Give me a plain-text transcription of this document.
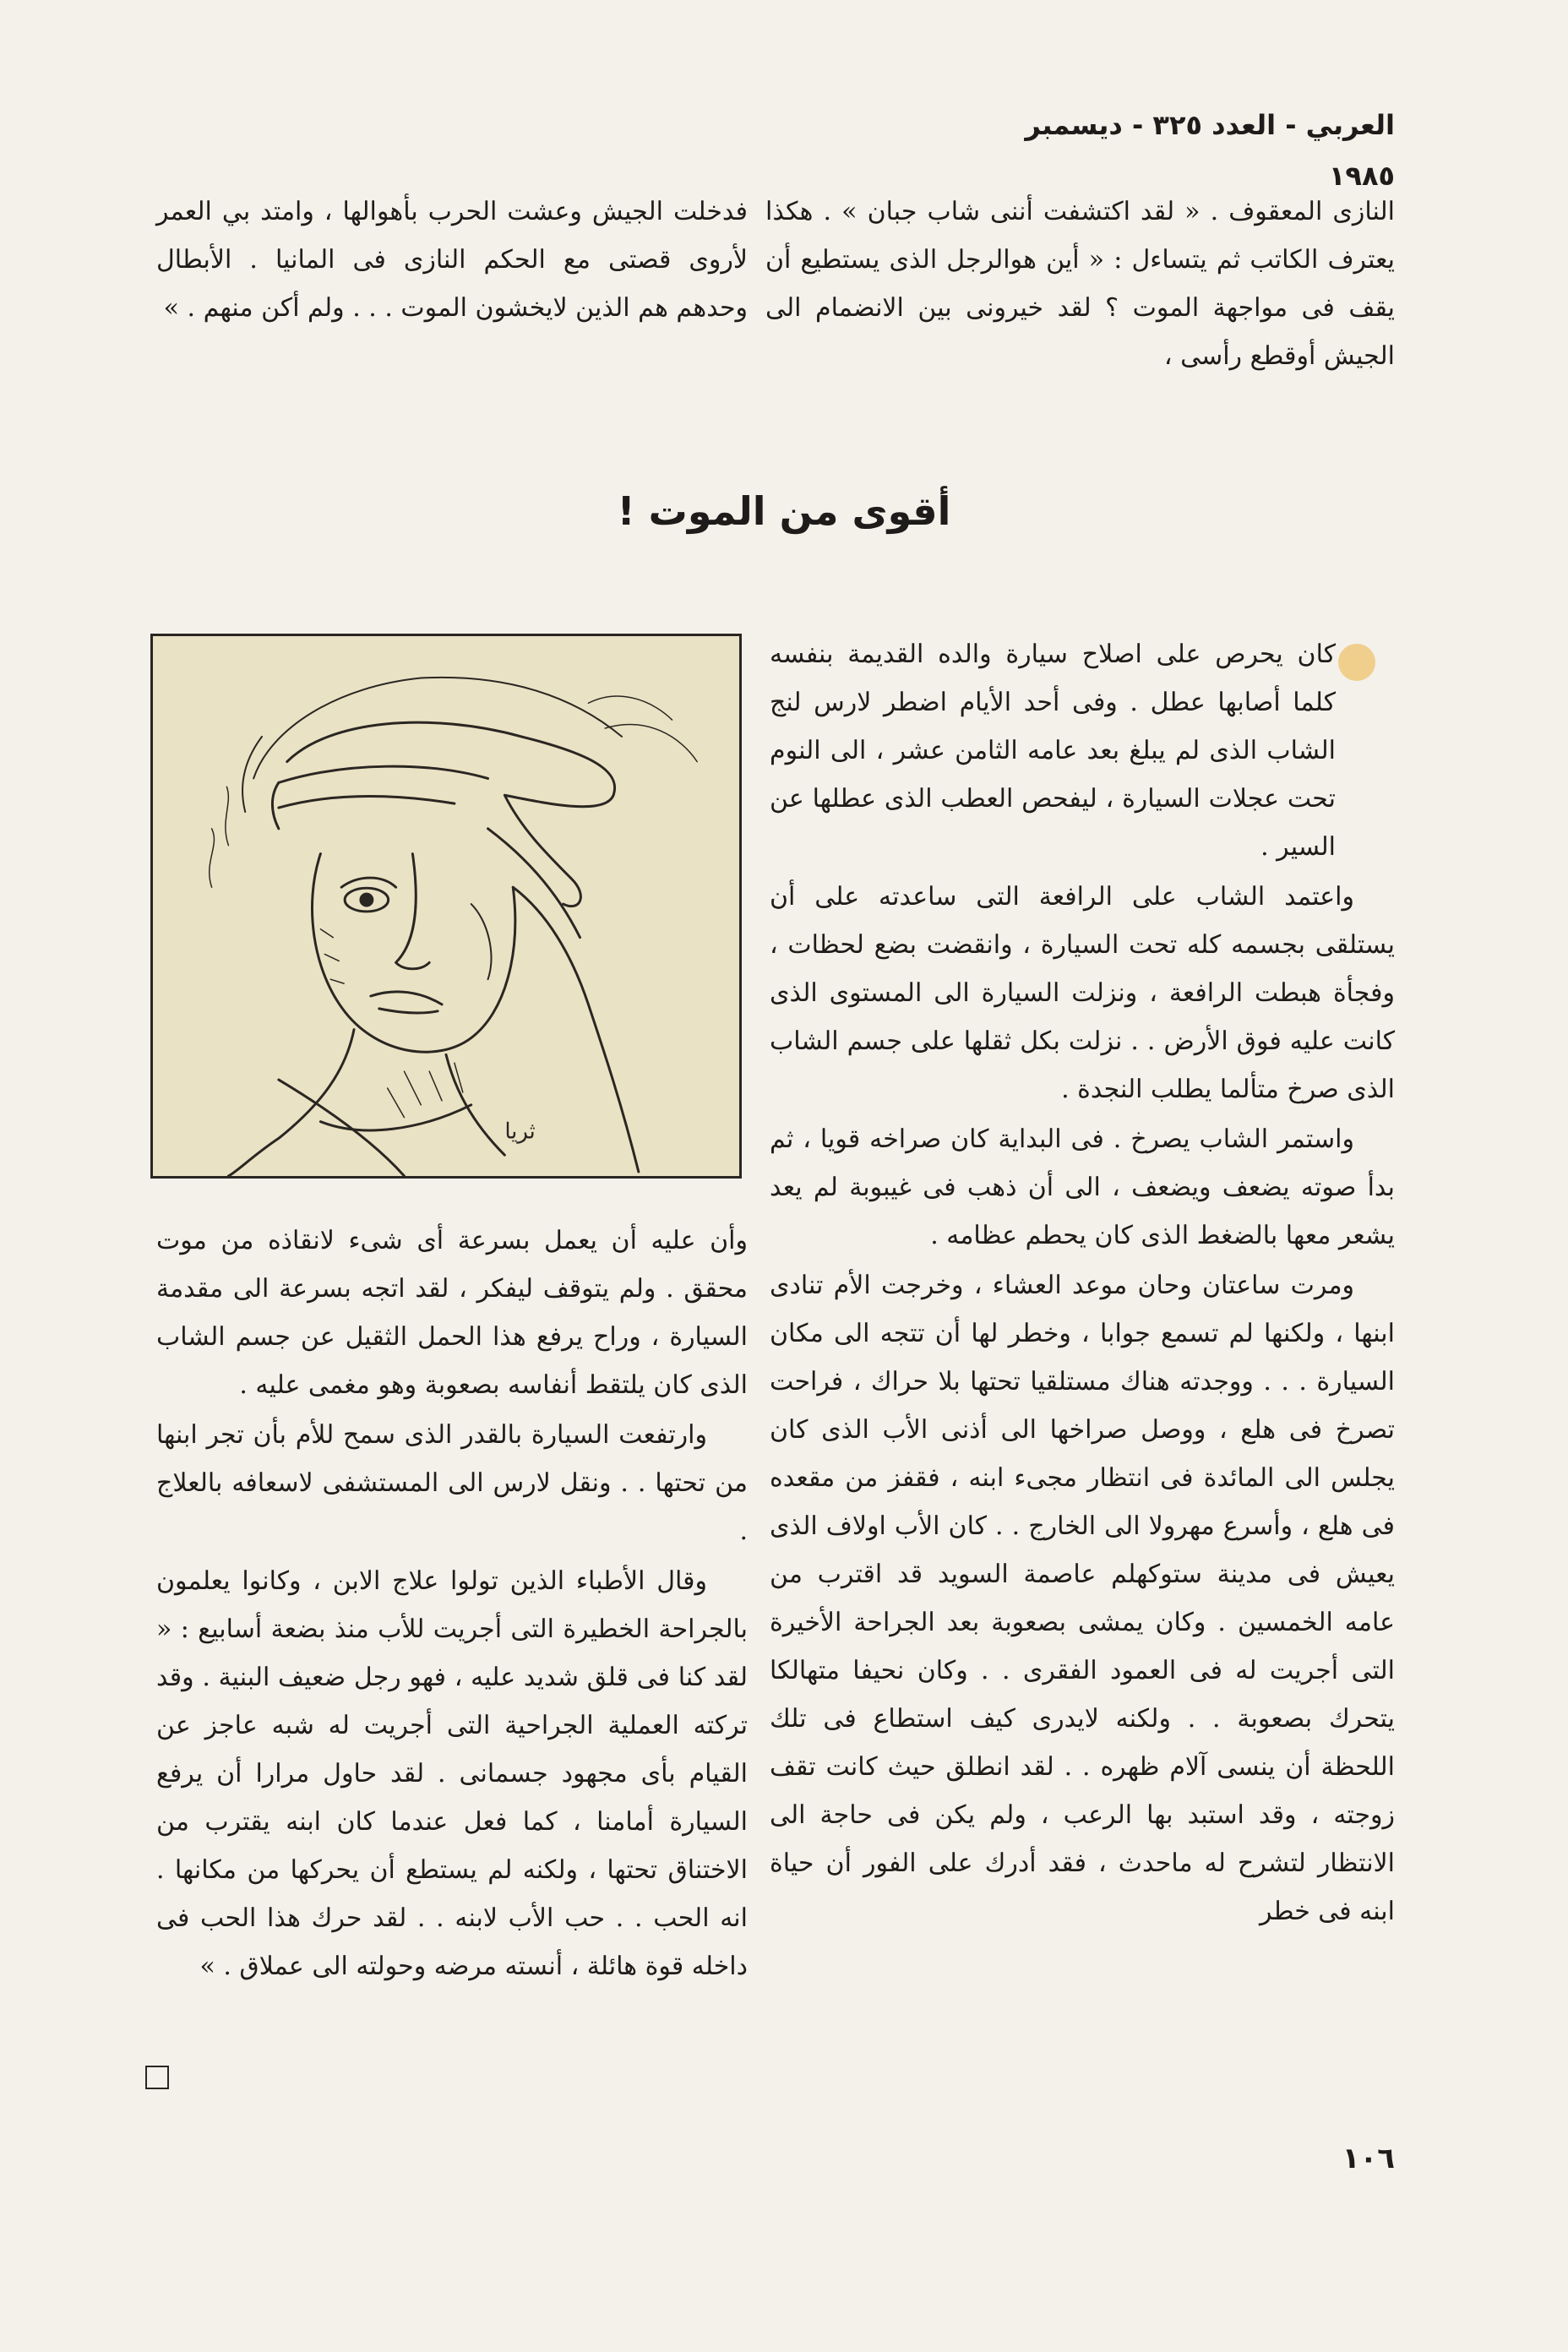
العربي - العدد ٣٢٥ - ديسمبر ١٩٨٥

النازى المعقوف . « لقد اكتشفت أننى شاب جبان » . هكذا يعترف الكاتب ثم يتساءل : « أين هوالرجل الذى يستطيع أن يقف فى مواجهة الموت ؟ لقد خيرونى بين الانضمام الى الجيش أوقطع رأسى ،

فدخلت الجيش وعشت الحرب بأهوالها ، وامتد بي العمر لأروى قصتى مع الحكم النازى فى المانيا . الأبطال وحدهم هم الذين لايخشون الموت . . . ولم أكن منهم . »

أقوى من الموت !

كان يحرص على اصلاح سيارة والده القديمة بنفسه كلما أصابها عطل . وفى أحد الأيام اضطر لارس لنج الشاب الذى لم يبلغ بعد عامه الثامن عشر ، الى النوم تحت عجلات السيارة ، ليفحص العطب الذى عطلها عن السير .

واعتمد الشاب على الرافعة التى ساعدته على أن يستلقى بجسمه كله تحت السيارة ، وانقضت بضع لحظات ، وفجأة هبطت الرافعة ، ونزلت السيارة الى المستوى الذى كانت عليه فوق الأرض . . نزلت بكل ثقلها على جسم الشاب الذى صرخ متألما يطلب النجدة .

واستمر الشاب يصرخ . فى البداية كان صراخه قويا ، ثم بدأ صوته يضعف ويضعف ، الى أن ذهب فى غيبوبة لم يعد يشعر معها بالضغط الذى كان يحطم عظامه .

ومرت ساعتان وحان موعد العشاء ، وخرجت الأم تنادى ابنها ، ولكنها لم تسمع جوابا ، وخطر لها أن تتجه الى مكان السيارة . . . ووجدته هناك مستلقيا تحتها بلا حراك ، فراحت تصرخ فى هلع ، ووصل صراخها الى أذنى الأب الذى كان يجلس الى المائدة فى انتظار مجىء ابنه ، فقفز من مقعده فى هلع ، وأسرع مهرولا الى الخارج . . كان الأب اولاف الذى يعيش فى مدينة ستوكهلم عاصمة السويد قد اقترب من عامه الخمسين . وكان يمشى بصعوبة بعد الجراحة الأخيرة التى أجريت له فى العمود الفقرى . . وكان نحيفا متهالكا يتحرك بصعوبة . . ولكنه لايدرى كيف استطاع فى تلك اللحظة أن ينسى آلام ظهره . . لقد انطلق حيث كانت تقف زوجته ، وقد استبد بها الرعب ، ولم يكن فى حاجة الى الانتظار لتشرح له ماحدث ، فقد أدرك على الفور أن حياة ابنه فى خطر

ثريا

وأن عليه أن يعمل بسرعة أى شىء لانقاذه من موت محقق . ولم يتوقف ليفكر ، لقد اتجه بسرعة الى مقدمة السيارة ، وراح يرفع هذا الحمل الثقيل عن جسم الشاب الذى كان يلتقط أنفاسه بصعوبة وهو مغمى عليه .

وارتفعت السيارة بالقدر الذى سمح للأم بأن تجر ابنها من تحتها . . ونقل لارس الى المستشفى لاسعافه بالعلاج .

وقال الأطباء الذين تولوا علاج الابن ، وكانوا يعلمون بالجراحة الخطيرة التى أجريت للأب منذ بضعة أسابيع : « لقد كنا فى قلق شديد عليه ، فهو رجل ضعيف البنية . وقد تركته العملية الجراحية التى أجريت له شبه عاجز عن القيام بأى مجهود جسمانى . لقد حاول مرارا أن يرفع السيارة أمامنا ، كما فعل عندما كان ابنه يقترب من الاختناق تحتها ، ولكنه لم يستطع أن يحركها من مكانها . انه الحب . . حب الأب لابنه . . لقد حرك هذا الحب فى داخله قوة هائلة ، أنسته مرضه وحولته الى عملاق . »

١٠٦
